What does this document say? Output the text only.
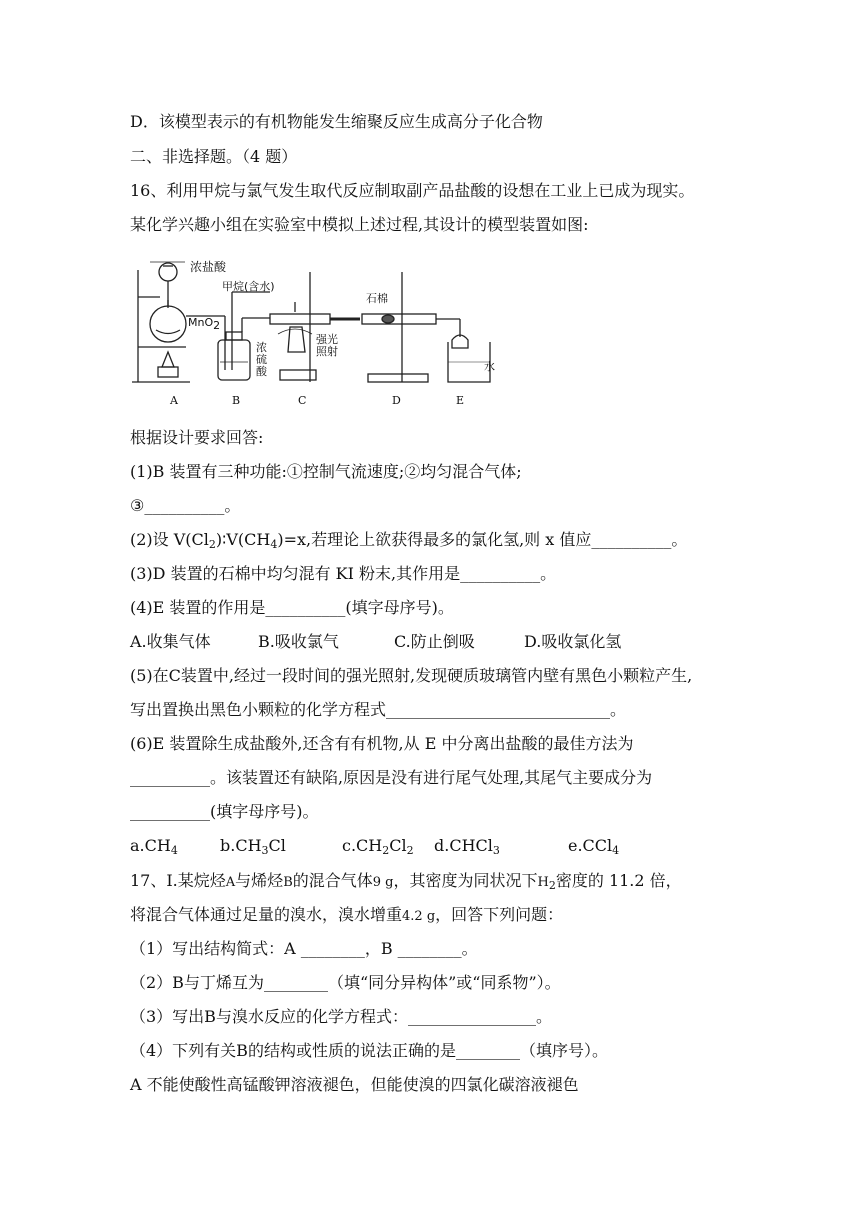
D．该模型表示的有机物能发生缩聚反应生成高分子化合物
二、非选择题。（4 题）
16、利用甲烷与氯气发生取代反应制取副产品盐酸的设想在工业上已成为现实。
某化学兴趣小组在实验室中模拟上述过程,其设计的模型装置如图:
浓盐酸
甲烷(含水)
MnO$_2$
浓
硫
酸
强光
照射
石棉
水
A	B	C	D	E
根据设计要求回答:
(1)B 装置有三种功能:①控制气流速度;②均匀混合气体;
③__________。
(2)设 $V(Cl_2)∶V(CH_4)=x$,若理论上欲获得最多的氯化氢,则 x 值应__________。
(3)D 装置的石棉中均匀混有 KI 粉末,其作用是__________。
(4)E 装置的作用是__________(填字母序号)。
A.收集气体	B.吸收氯气	C.防止倒吸	D.吸收氯化氢
(5)在C装置中,经过一段时间的强光照射,发现硬质玻璃管内壁有黑色小颗粒产生,
写出置换出黑色小颗粒的化学方程式____________________________。
(6)E 装置除生成盐酸外,还含有有机物,从 E 中分离出盐酸的最佳方法为
__________。该装置还有缺陷,原因是没有进行尾气处理,其尾气主要成分为
__________(填字母序号)。
$a.CH_4$	$b.CH_3Cl$	$c.CH_2Cl_2$ d.CHCl$_3$	e.CCl$_4$
17、Ⅰ.某烷烃A与烯烃B的混合气体9 g，其密度为同状况下$H_2$密度的 11.2 倍，
将混合气体通过足量的溴水，溴水增重4.2 g，回答下列问题：
（1）写出结构简式：A ________，B ________。
（2）B与丁烯互为________（填“同分异构体”或“同系物”）。
（3）写出B与溴水反应的化学方程式：________________。
（4）下列有关B的结构或性质的说法正确的是________（填序号）。
A 不能使酸性高锰酸钾溶液褪色，但能使溴的四氯化碳溶液褪色
